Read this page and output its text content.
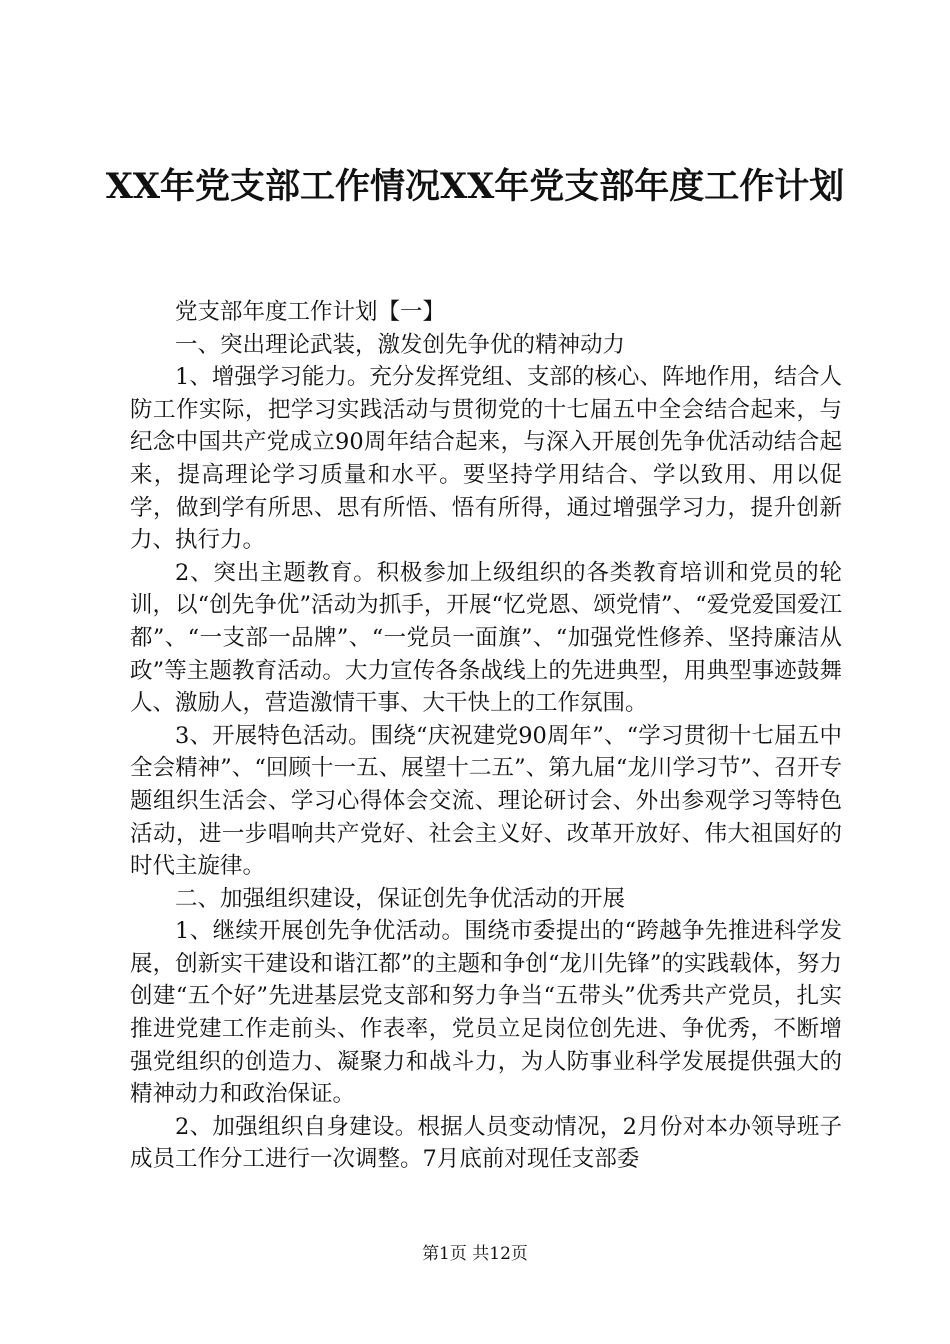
XX年党支部工作情况XX年党支部年度工作计划

党支部年度工作计划【一】

一、突出理论武装，激发创先争优的精神动力

1、增强学习能力。充分发挥党组、支部的核心、阵地作用，结合人防工作实际，把学习实践活动与贯彻党的十七届五中全会结合起来，与纪念中国共产党成立90周年结合起来，与深入开展创先争优活动结合起来，提高理论学习质量和水平。要坚持学用结合、学以致用、用以促学，做到学有所思、思有所悟、悟有所得，通过增强学习力，提升创新力、执行力。

2、突出主题教育。积极参加上级组织的各类教育培训和党员的轮训，以“创先争优”活动为抓手，开展“忆党恩、颂党情”、“爱党爱国爱江都”、“一支部一品牌”、“一党员一面旗”、“加强党性修养、坚持廉洁从政”等主题教育活动。大力宣传各条战线上的先进典型，用典型事迹鼓舞人、激励人，营造激情干事、大干快上的工作氛围。

3、开展特色活动。围绕“庆祝建党90周年”、“学习贯彻十七届五中全会精神”、“回顾十一五、展望十二五”、第九届“龙川学习节”、召开专题组织生活会、学习心得体会交流、理论研讨会、外出参观学习等特色活动，进一步唱响共产党好、社会主义好、改革开放好、伟大祖国好的时代主旋律。

二、加强组织建设，保证创先争优活动的开展

1、继续开展创先争优活动。围绕市委提出的“跨越争先推进科学发展，创新实干建设和谐江都”的主题和争创“龙川先锋”的实践载体，努力创建“五个好”先进基层党支部和努力争当“五带头”优秀共产党员，扎实推进党建工作走前头、作表率，党员立足岗位创先进、争优秀，不断增强党组织的创造力、凝聚力和战斗力，为人防事业科学发展提供强大的精神动力和政治保证。

2、加强组织自身建设。根据人员变动情况，2月份对本办领导班子成员工作分工进行一次调整。7月底前对现任支部委

第1页 共12页
